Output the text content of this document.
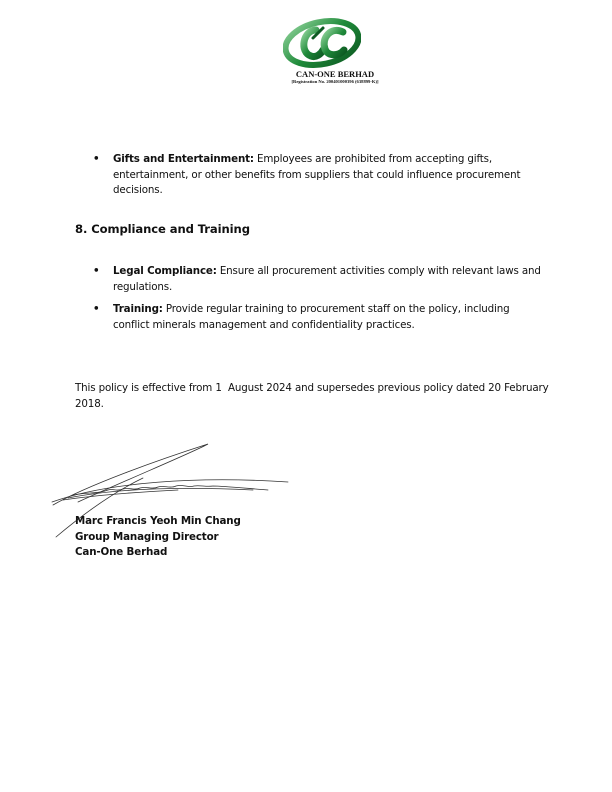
CAN-ONE BERHAD
[Registration No. 200401000396 (638899-K)]
• Gifts and Entertainment: Employees are prohibited from accepting gifts, entertainment, or other benefits from suppliers that could influence procurement decisions.
8. Compliance and Training
• Legal Compliance: Ensure all procurement activities comply with relevant laws and regulations.
• Training: Provide regular training to procurement staff on the policy, including conflict minerals management and confidentiality practices.
This policy is effective from 1  August 2024 and supersedes previous policy dated 20 February 2018.
Marc Francis Yeoh Min Chang
Group Managing Director
Can-One Berhad
